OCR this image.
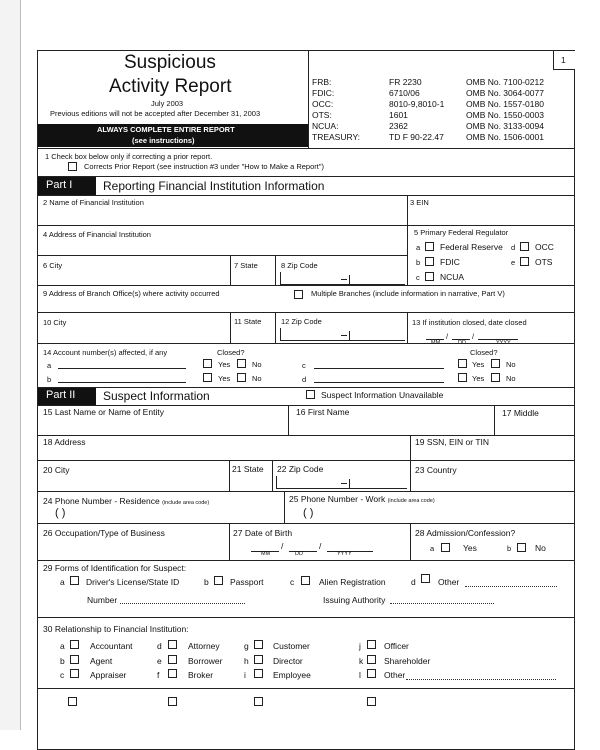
1
Suspicious
Activity Report
July 2003
Previous editions will not be accepted after December 31, 2003
ALWAYS COMPLETE ENTIRE REPORT
(see instructions)
FRB:	FR 2230	OMB No. 7100-0212
FDIC:	6710/06	OMB No. 3064-0077
OCC:	8010-9,8010-1	OMB No. 1557-0180
OTS:	1601	OMB No. 1550-0003
NCUA:	2362	OMB No. 3133-0094
TREASURY:	TD F 90-22.47	OMB No. 1506-0001
1 Check box below only if correcting a prior report.
Corrects Prior Report (see instruction #3 under "How to Make a Report")
Part I	Reporting Financial Institution Information
2 Name of Financial Institution	3 EIN
4 Address of Financial Institution	5 Primary Federal Regulator
a Federal Reserve d OCC
b FDIC	e OTS
c NCUA
6 City	7 State	8 Zip Code
9 Address of Branch Office(s) where activity occurred	Multiple Branches (include information in narrative, Part V)
10 City	11 State	12 Zip Code	13 If institution closed, date closed
/	/
MM	DD	YYYY
14 Account number(s) affected, if any	Closed?	Closed?
a	Yes	No	c	Yes	No
b	Yes	No	d	Yes	No
Part II Suspect Information	Suspect Information Unavailable
15 Last Name or Name of Entity	16 First Name	17 Middle
18 Address	19 SSN, EIN or TIN
20 City	21 State 22 Zip Code	23 Country
24 Phone Number - Residence (include area code)
( )
25 Phone Number - Work (include area code)
( )
26 Occupation/Type of Business	27 Date of Birth
/	/
MM	DD	YYYY
28 Admission/Confession?
a	Yes	b	No
29 Forms of Identification for Suspect:
a	Driver's License/State ID	b	Passport	c	Alien Registration	d	Other
Number	Issuing Authority
30 Relationship to Financial Institution:
a	Accountant
b	Agent
c	Appraiser
d	Attorney
e	Borrower
f	Broker
g	Customer
h	Director
i	Employee
j	Officer
k Shareholder
l	Other
